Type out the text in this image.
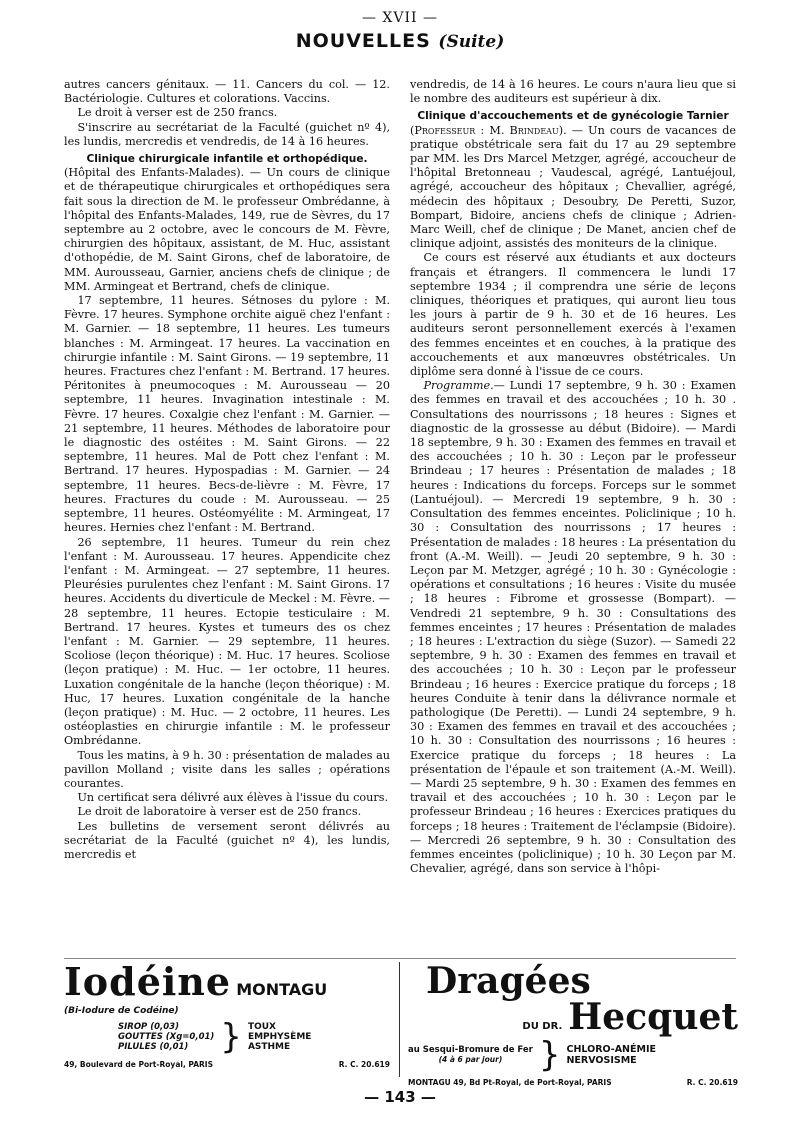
— XVII —
NOUVELLES (Suite)

autres cancers génitaux. — 11. Cancers du col. — 12. Bactériologie. Cultures et colorations. Vaccins.

Le droit à verser est de 250 francs.

S'inscrire au secrétariat de la Faculté (guichet nº 4), les lundis, mercredis et vendredis, de 14 à 16 heures.

Clinique chirurgicale infantile et orthopédique.

(Hôpital des Enfants-Malades). — Un cours de clinique et de thérapeutique chirurgicales et orthopédiques sera fait sous la direction de M. le professeur Ombrédanne, à l'hôpital des Enfants-Malades, 149, rue de Sèvres, du 17 septembre au 2 octobre, avec le concours de M. Fèvre, chirurgien des hôpitaux, assistant, de M. Huc, assistant d'othopédie, de M. Saint Girons, chef de laboratoire, de MM. Aurousseau, Garnier, anciens chefs de clinique ; de MM. Armingeat et Bertrand, chefs de clinique.

17 septembre, 11 heures. Sétnoses du pylore : M. Fèvre. 17 heures. Symphone orchite aiguë chez l'enfant : M. Garnier. — 18 septembre, 11 heures. Les tumeurs blanches : M. Armingeat. 17 heures. La vaccination en chirurgie infantile : M. Saint Girons. — 19 septembre, 11 heures. Fractures chez l'enfant : M. Bertrand. 17 heures. Péritonites à pneumocoques : M. Aurousseau — 20 septembre, 11 heures. Invagination intestinale : M. Fèvre. 17 heures. Coxalgie chez l'enfant : M. Garnier. — 21 septembre, 11 heures. Méthodes de laboratoire pour le diagnostic des ostéites : M. Saint Girons. — 22 septembre, 11 heures. Mal de Pott chez l'enfant : M. Bertrand. 17 heures. Hypospadias : M. Garnier. — 24 septembre, 11 heures. Becs-de-lièvre : M. Fèvre, 17 heures. Fractures du coude : M. Aurousseau. — 25 septembre, 11 heures. Ostéomyélite : M. Armingeat, 17 heures. Hernies chez l'enfant : M. Bertrand.

26 septembre, 11 heures. Tumeur du rein chez l'enfant : M. Aurousseau. 17 heures. Appendicite chez l'enfant : M. Armingeat. — 27 septembre, 11 heures. Pleurésies purulentes chez l'enfant : M. Saint Girons. 17 heures. Accidents du diverticule de Meckel : M. Fèvre. — 28 septembre, 11 heures. Ectopie testiculaire : M. Bertrand. 17 heures. Kystes et tumeurs des os chez l'enfant : M. Garnier. — 29 septembre, 11 heures. Scoliose (leçon théorique) : M. Huc. 17 heures. Scoliose (leçon pratique) : M. Huc. — 1er octobre, 11 heures. Luxation congénitale de la hanche (leçon théorique) : M. Huc, 17 heures. Luxation congénitale de la hanche (leçon pratique) : M. Huc. — 2 octobre, 11 heures. Les ostéoplasties en chirurgie infantile : M. le professeur Ombrédanne.

Tous les matins, à 9 h. 30 : présentation de malades au pavillon Molland ; visite dans les salles ; opérations courantes.

Un certificat sera délivré aux élèves à l'issue du cours.

Le droit de laboratoire à verser est de 250 francs.

Les bulletins de versement seront délivrés au secrétariat de la Faculté (guichet nº 4), les lundis, mercredis et

vendredis, de 14 à 16 heures. Le cours n'aura lieu que si le nombre des auditeurs est supérieur à dix.

Clinique d'accouchements et de gynécologie Tarnier

(Professeur : M. Brindeau). — Un cours de vacances de pratique obstétricale sera fait du 17 au 29 septembre par MM. les Drs Marcel Metzger, agrégé, accoucheur de l'hôpital Bretonneau ; Vaudescal, agrégé, Lantuéjoul, agrégé, accoucheur des hôpitaux ; Chevallier, agrégé, médecin des hôpitaux ; Desoubry, De Peretti, Suzor, Bompart, Bidoire, anciens chefs de clinique ; Adrien-Marc Weill, chef de clinique ; De Manet, ancien chef de clinique adjoint, assistés des moniteurs de la clinique.

Ce cours est réservé aux étudiants et aux docteurs français et étrangers. Il commencera le lundi 17 septembre 1934 ; il comprendra une série de leçons cliniques, théoriques et pratiques, qui auront lieu tous les jours à partir de 9 h. 30 et de 16 heures. Les auditeurs seront personnellement exercés à l'examen des femmes enceintes et en couches, à la pratique des accouchements et aux manœuvres obstétricales. Un diplôme sera donné à l'issue de ce cours.

Programme.— Lundi 17 septembre, 9 h. 30 : Examen des femmes en travail et des accouchées ; 10 h. 30 . Consultations des nourrissons ; 18 heures : Signes et diagnostic de la grossesse au début (Bidoire). — Mardi 18 septembre, 9 h. 30 : Examen des femmes en travail et des accouchées ; 10 h. 30 : Leçon par le professeur Brindeau ; 17 heures : Présentation de malades ; 18 heures : Indications du forceps. Forceps sur le sommet (Lantuéjoul). — Mercredi 19 septembre, 9 h. 30 : Consultation des femmes enceintes. Policlinique ; 10 h. 30 : Consultation des nourrissons ; 17 heures : Présentation de malades : 18 heures : La présentation du front (A.-M. Weill). — Jeudi 20 septembre, 9 h. 30 : Leçon par M. Metzger, agrégé ; 10 h. 30 : Gynécologie : opérations et consultations ; 16 heures : Visite du musée ; 18 heures : Fibrome et grossesse (Bompart). — Vendredi 21 septembre, 9 h. 30 : Consultations des femmes enceintes ; 17 heures : Présentation de malades ; 18 heures : L'extraction du siège (Suzor). — Samedi 22 septembre, 9 h. 30 : Examen des femmes en travail et des accouchées ; 10 h. 30 : Leçon par le professeur Brindeau ; 16 heures : Exercice pratique du forceps ; 18 heures Conduite à tenir dans la délivrance normale et pathologique (De Peretti). — Lundi 24 septembre, 9 h. 30 : Examen des femmes en travail et des accouchées ; 10 h. 30 : Consultation des nourrissons ; 16 heures : Exercice pratique du forceps ; 18 heures : La présentation de l'épaule et son traitement (A.-M. Weill). — Mardi 25 septembre, 9 h. 30 : Examen des femmes en travail et des accouchées ; 10 h. 30 : Leçon par le professeur Brindeau ; 16 heures : Exercices pratiques du forceps ; 18 heures : Traitement de l'éclampsie (Bidoire). — Mercredi 26 septembre, 9 h. 30 : Consultation des femmes enceintes (policlinique) ; 10 h. 30 Leçon par M. Chevalier, agrégé, dans son service à l'hôpi-

Iodéine MONTAGU
(Bi-Iodure de Codéine)
SIROP (0,03)
GOUTTES (Xg=0,01)
PILULES (0,01) } TOUX
EMPHYSÈME
ASTHME
49, Boulevard de Port-Royal, PARIS	R. C. 20.619
Dragées
DU DR. Hecquet
au Sesqui-Bromure de Fer
(4 à 6 par jour)	} CHLORO-ANÉMIE
NERVOSISME
MONTAGU 49, Bd Pt-Royal, de Port-Royal, PARIS	R. C. 20.619
— 143 —
